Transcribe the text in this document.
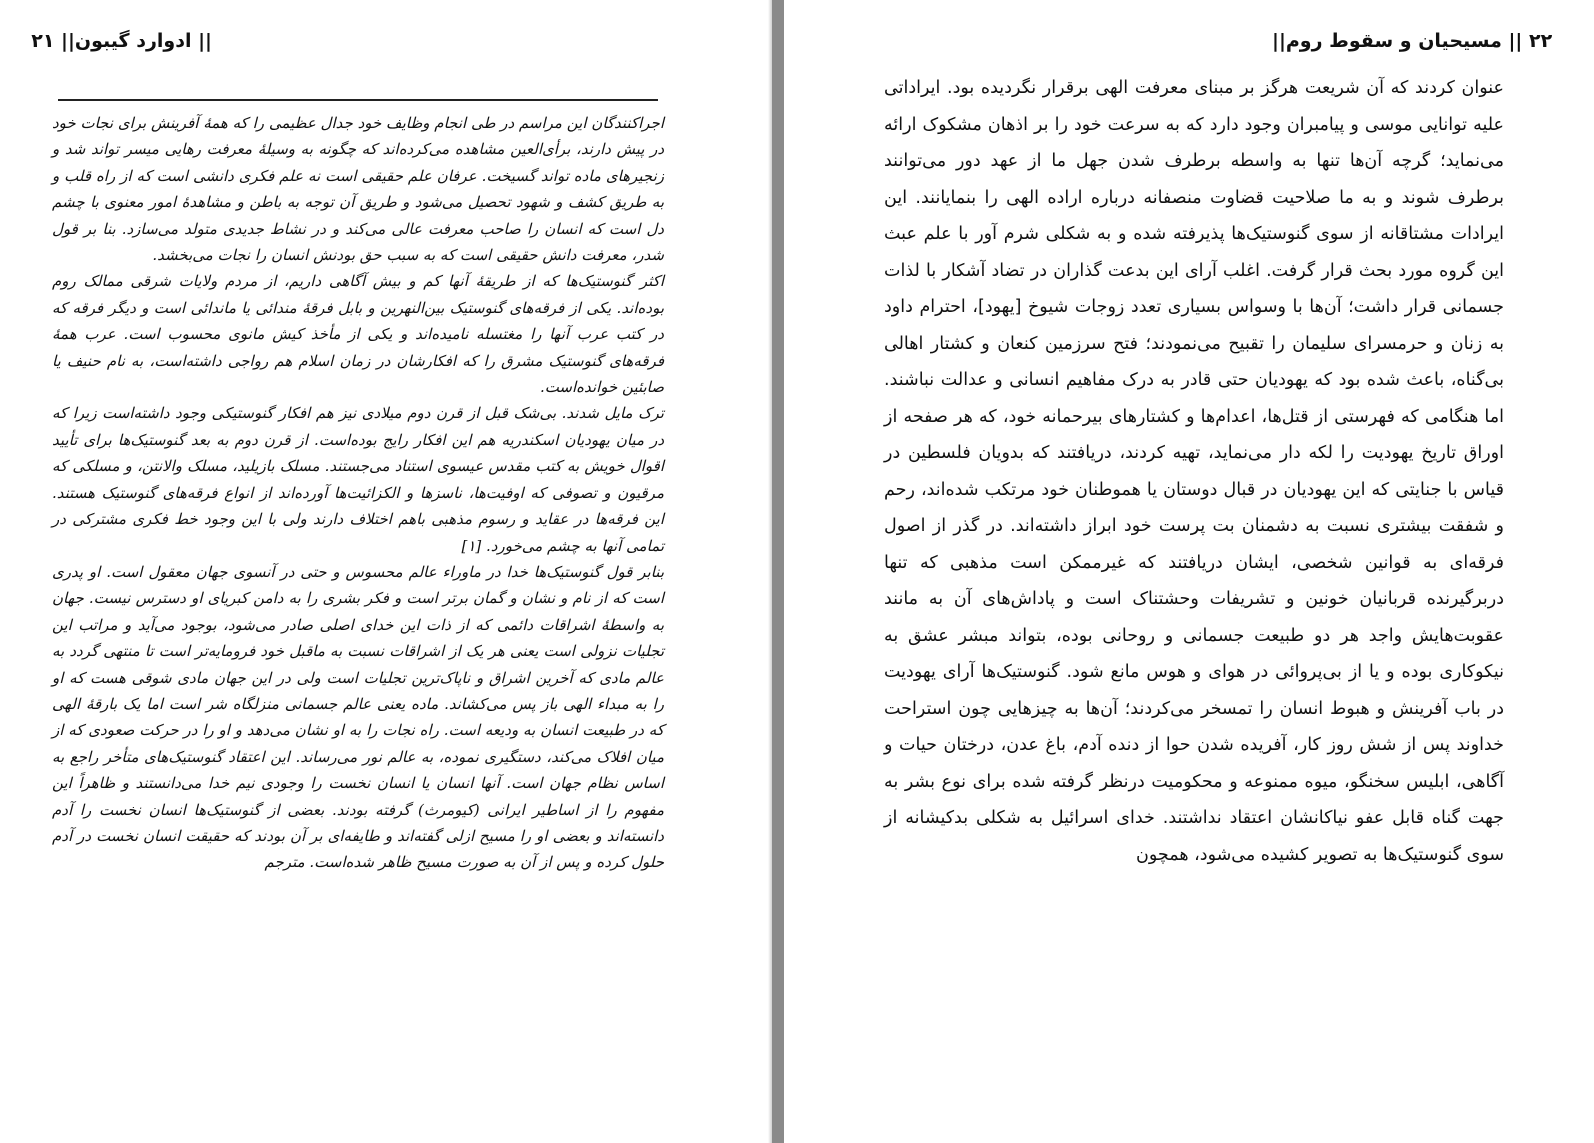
|| ادوارد گیبون|| ۲۱

اجراکنندگان این مراسم در طی انجام وظایف خود جدال عظیمی را که همهٔ آفرینش برای نجات خود در پیش دارند، برأی‌العین مشاهده می‌کرده‌اند که چگونه به وسیلهٔ معرفت رهایی میسر تواند شد و زنجیرهای ماده تواند گسیخت. عرفان علم حقیقی است نه علم فکری دانشی است که از راه قلب و به طریق کشف و شهود تحصیل می‌شود و طریق آن توجه به باطن و مشاهدهٔ امور معنوی با چشم دل است که انسان را صاحب معرفت عالی می‌کند و در نشاط جدیدی متولد می‌سازد. بنا بر قول شدر، معرفت دانش حقیقی است که به سبب حق بودنش انسان را نجات می‌بخشد.

اکثر گنوستیک‌ها که از طریقهٔ آنها کم و بیش آگاهی داریم، از مردم ولایات شرقی ممالک روم بوده‌اند. یکی از فرقه‌های گنوستیک بین‌النهرین و بابل فرقهٔ مندائی یا ماندائی است و دیگر فرقه که در کتب عرب آنها را مغتسله نامیده‌اند و یکی از مأخذ کیش مانوی محسوب است. عرب همهٔ فرقه‌های گنوستیک مشرق را که افکارشان در زمان اسلام هم رواجی داشته‌است، به نام حنیف یا صابئین خوانده‌است.

ترک مایل شدند. بی‌شک قبل از قرن دوم میلادی نیز هم افکار گنوستیکی وجود داشته‌است زیرا که در میان یهودیان اسکندریه هم این افکار رایج بوده‌است. از قرن دوم به بعد گنوستیک‌ها برای تأیید اقوال خویش به کتب مقدس عیسوی استناد می‌جستند. مسلک بازیلید، مسلک والانتن، و مسلکی که مرقیون و تصوفی که اوفیت‌ها، ناسزها و الکزائیت‌ها آورده‌اند از انواع فرقه‌های گنوستیک هستند. این فرقه‌ها در عقاید و رسوم مذهبی باهم اختلاف دارند ولی با این وجود خط فکری مشترکی در تمامی آنها به چشم می‌خورد. [۱]

بنابر قول گنوستیک‌ها خدا در ماوراء عالم محسوس و حتی در آنسوی جهان معقول است. او پدری است که از نام و نشان و گمان برتر است و فکر بشری را به دامن کبریای او دسترس نیست. جهان به واسطهٔ اشراقات دائمی که از ذات این خدای اصلی صادر می‌شود، بوجود می‌آید و مراتب این تجلیات نزولی است یعنی هر یک از اشراقات نسبت به ماقبل خود فرومایه‌تر است تا منتهی گردد به عالم مادی که آخرین اشراق و ناپاک‌ترین تجلیات است ولی در این جهان مادی شوقی هست که او را به مبداء الهی باز پس می‌کشاند. ماده یعنی عالم جسمانی منزلگاه شر است اما یک بارقهٔ الهی که در طبیعت انسان به ودیعه است. راه نجات را به او نشان می‌دهد و او را در حرکت صعودی که از میان افلاک می‌کند، دستگیری نموده، به عالم نور می‌رساند. این اعتقاد گنوستیک‌های متأخر راجع به اساس نظام جهان است. آنها انسان یا انسان نخست را وجودی نیم خدا می‌دانستند و ظاهراً این مفهوم را از اساطیر ایرانی (کیومرث) گرفته بودند. بعضی از گنوستیک‌ها انسان نخست را آدم دانسته‌اند و بعضی او را مسیح ازلی گفته‌اند و طایفه‌ای بر آن بودند که حقیقت انسان نخست در آدم حلول کرده و پس از آن به صورت مسیح ظاهر شده‌است. مترجم

۲۲ || مسیحیان و سقوط روم||

عنوان کردند که آن شریعت هرگز بر مبنای معرفت الهی برقرار نگردیده بود. ایراداتی علیه توانایی موسی و پیامبران وجود دارد که به سرعت خود را بر اذهان مشکوک ارائه می‌نماید؛ گرچه آن‌ها تنها به واسطه برطرف شدن جهل ما از عهد دور می‌توانند برطرف شوند و به ما صلاحیت قضاوت منصفانه درباره اراده الهی را بنمایانند. این ایرادات مشتاقانه از سوی گنوستیک‌ها پذیرفته شده و به شکلی شرم آور با علم عبث این گروه مورد بحث قرار گرفت. اغلب آرای این بدعت گذاران در تضاد آشکار با لذات جسمانی قرار داشت؛ آن‌ها با وسواس بسیاری تعدد زوجات شیوخ [یهود]، احترام داود به زنان و حرمسرای سلیمان را تقبیح می‌نمودند؛ فتح سرزمین کنعان و کشتار اهالی بی‌گناه، باعث شده بود که یهودیان حتی قادر به درک مفاهیم انسانی و عدالت نباشند. اما هنگامی که فهرستی از قتل‌ها، اعدام‌ها و کشتارهای بیرحمانه خود، که هر صفحه از اوراق تاریخ یهودیت را لکه دار می‌نماید، تهیه کردند، دریافتند که بدویان فلسطین در قیاس با جنایتی که این یهودیان در قبال دوستان یا هموطنان خود مرتکب شده‌اند، رحم و شفقت بیشتری نسبت به دشمنان بت پرست خود ابراز داشته‌اند. در گذر از اصول فرقه‌ای به قوانین شخصی، ایشان دریافتند که غیرممکن است مذهبی که تنها دربرگیرنده قربانیان خونین و تشریفات وحشتناک است و پاداش‌های آن به مانند عقوبت‌هایش واجد هر دو طبیعت جسمانی و روحانی بوده، بتواند مبشر عشق به نیکوکاری بوده و یا از بی‌پروائی در هوای و هوس مانع شود. گنوستیک‌ها آرای یهودیت در باب آفرینش و هبوط انسان را تمسخر می‌کردند؛ آن‌ها به چیزهایی چون استراحت خداوند پس از شش روز کار، آفریده شدن حوا از دنده آدم، باغ عدن، درختان حیات و آگاهی، ابلیس سخنگو، میوه ممنوعه و محکومیت درنظر گرفته شده برای نوع بشر به جهت گناه قابل عفو نیاکانشان اعتقاد نداشتند. خدای اسرائیل به شکلی بدکیشانه از سوی گنوستیک‌ها به تصویر کشیده می‌شود، همچون
